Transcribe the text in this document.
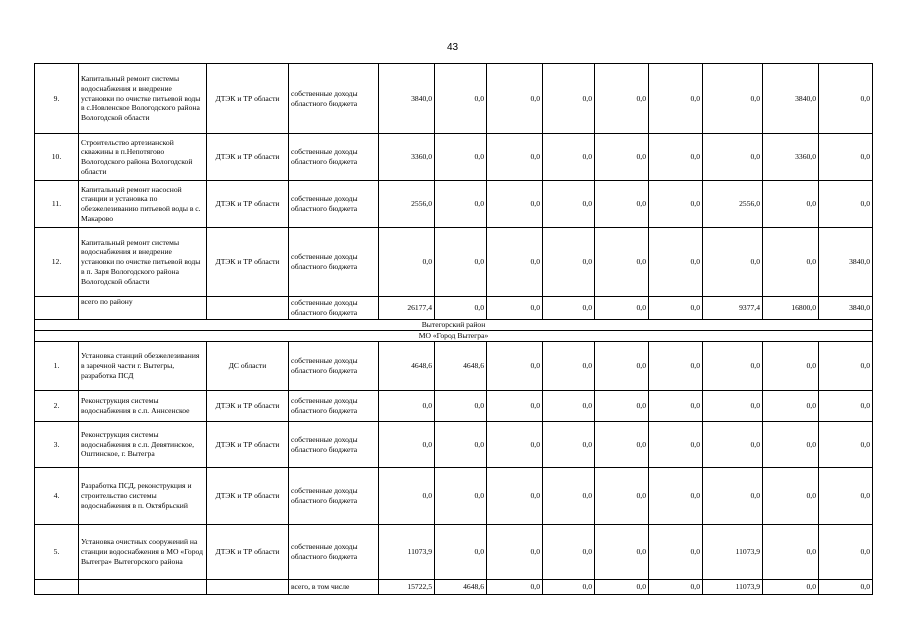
43
9.	Капитальный ремонт системы водоснабжения и внедрение установки по очистке питьевой воды в с.Новленское Вологодского района Вологодской области	ДТЭК и ТР области	собственные доходы областного бюджета	3840,0	0,0	0,0	0,0	0,0	0,0	0,0	3840,0	0,0
10.	Строительство артезианской скважины в п.Непотягово Вологодского района Вологодской области	ДТЭК и ТР области	собственные доходы областного бюджета	3360,0	0,0	0,0	0,0	0,0	0,0	0,0	3360,0	0,0
11.	Капитальный ремонт насосной станции и установка по обезжелезиванию питьевой воды в с. Макарово	ДТЭК и ТР области	собственные доходы областного бюджета	2556,0	0,0	0,0	0,0	0,0	0,0	2556,0	0,0	0,0
12.	Капитальный ремонт системы водоснабжения и внедрение установки по очистке питьевой воды в п. Заря Вологодского района Вологодской области	ДТЭК и ТР области	собственные доходы областного бюджета	0,0	0,0	0,0	0,0	0,0	0,0	0,0	0,0	3840,0
	всего по району		собственные доходы областного бюджета	26177,4	0,0	0,0	0,0	0,0	0,0	9377,4	16800,0	3840,0
Вытегорский район												
МО «Город Вытегра»												
1.	Установка станций обезжелезивания в заречной части г. Вытегры, разработка ПСД	ДС области	собственные доходы областного бюджета	4648,6	4648,6	0,0	0,0	0,0	0,0	0,0	0,0	0,0
2.	Реконструкция системы водоснабжения в с.п. Аннсенское	ДТЭК и ТР области	собственные доходы областного бюджета	0,0	0,0	0,0	0,0	0,0	0,0	0,0	0,0	0,0
3.	Реконструкция системы водоснабжения в с.п. Девятинское, Оштинское, г. Вытегра	ДТЭК и ТР области	собственные доходы областного бюджета	0,0	0,0	0,0	0,0	0,0	0,0	0,0	0,0	0,0
4.	Разработка ПСД, реконструкция и строительство системы водоснабжения в п. Октябрьский	ДТЭК и ТР области	собственные доходы областного бюджета	0,0	0,0	0,0	0,0	0,0	0,0	0,0	0,0	0,0
5.	Установка очистных сооружений на станции водоснабжения в МО «Город Вытегра» Вытегорского района	ДТЭК и ТР области	собственные доходы областного бюджета	11073,9	0,0	0,0	0,0	0,0	0,0	11073,9	0,0	0,0
			всего, в том числе	15722,5	4648,6	0,0	0,0	0,0	0,0	11073,9	0,0	0,0
